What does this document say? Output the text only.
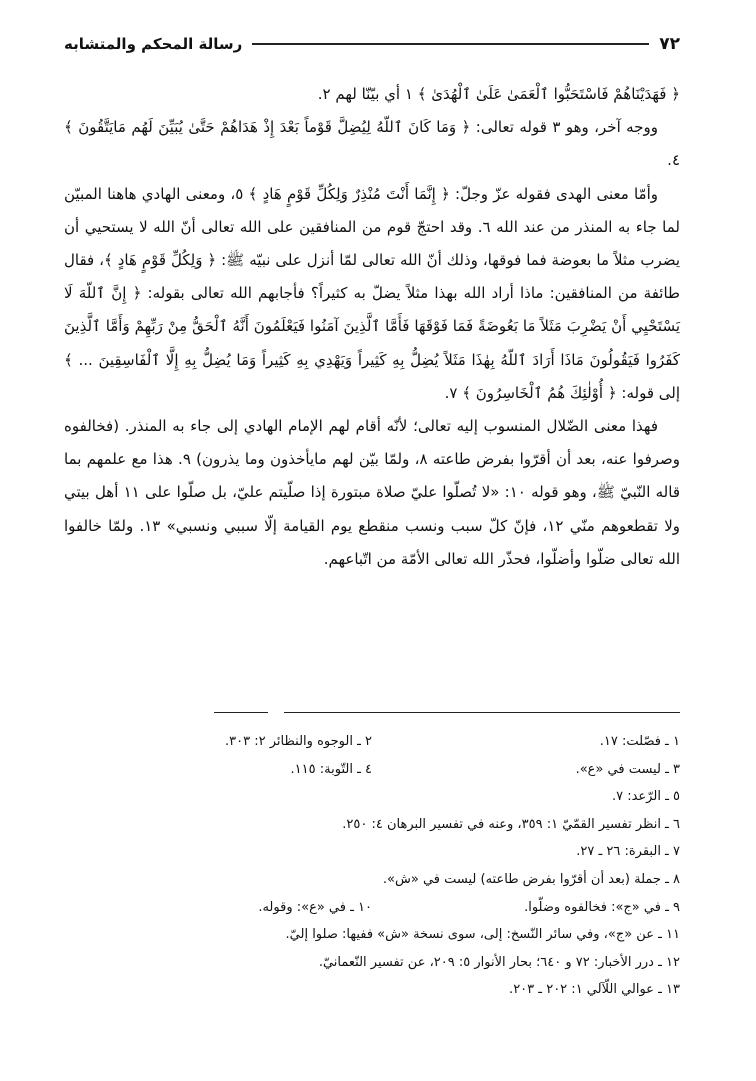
رسالة المحكم والمتشابه	٧٢

﴿ فَهَدَيْنَاهُمْ فَاسْتَحَبُّوا ٱلْعَمَىٰ عَلَىٰ ٱلْهُدَىٰ ﴾ ١ أي بيّنّا لهم ٢.

ووجه آخر، وهو ٣ قوله تعالى: ﴿ وَمَا كَانَ ٱللّهُ لِيُضِلَّ قَوْماً بَعْدَ إِذْ هَدَاهُمْ حَتَّىٰ يُبَيِّنَ لَهُم مَايَتَّقُونَ ﴾ ٤.

وأمّا معنى الهدى فقوله عزّ وجلّ: ﴿ إِنَّمَا أَنْتَ مُنْذِرٌ وَلِكُلِّ قَوْمٍ هَادٍ ﴾ ٥، ومعنى الهادي هاهنا المبيّن لما جاء به المنذر من عند الله ٦. وقد احتجّ قوم من المنافقين على الله تعالى أنّ الله لا يستحيي أن يضرب مثلاً ما بعوضة فما فوقها، وذلك أنّ الله تعالى لمّا أنزل على نبيّه ﷺ: ﴿ وَلِكُلِّ قَوْمٍ هَادٍ ﴾، فقال طائفة من المنافقين: ماذا أراد الله بهذا مثلاً يضلّ به كثيراً؟ فأجابهم الله تعالى بقوله: ﴿ إِنَّ ٱللّهَ لَا يَسْتَحْيِي أَنْ يَضْرِبَ مَثَلاً مَا بَعُوضَةً فَمَا فَوْقَهَا فَأَمَّا ٱلَّذِينَ آمَنُوا فَيَعْلَمُونَ أَنَّهُ ٱلْحَقُّ مِنْ رَبِّهِمْ وَأَمَّا ٱلَّذِينَ كَفَرُوا فَيَقُولُونَ مَاذَا أَرَادَ ٱللّهُ بِهٰذَا مَثَلاً يُضِلُّ بِهِ كَثِيراً وَيَهْدِي بِهِ كَثِيراً وَمَا يُضِلُّ بِهِ إِلَّا ٱلْفَاسِقِينَ ... ﴾ إلى قوله: ﴿ أُوْلٰئِكَ هُمُ ٱلْخَاسِرُونَ ﴾ ٧.

فهذا معنى الضّلال المنسوب إليه تعالى؛ لأنّه أقام لهم الإمام الهادي إلى جاء به المنذر. (فخالفوه وصرفوا عنه، بعد أن أقرّوا بفرض طاعته ٨، ولمّا بيّن لهم مايأخذون وما يذرون) ٩. هذا مع علمهم بما قاله النّبيّ ﷺ، وهو قوله ١٠: «لا تُصلّوا عليّ صلاة مبتورة إذا صلّيتم عليّ، بل صلّوا على ١١ أهل بيتي ولا تقطعوهم منّي ١٢، فإنّ كلّ سبب ونسب منقطع يوم القيامة إلّا سببي ونسبي» ١٣. ولمّا خالفوا الله تعالى ضلّوا وأضلّوا، فحذّر الله تعالى الأمّة من اتّباعهم.

١ ـ فصّلت: ١٧.
٢ ـ الوجوه والنظائر ٢: ٣٠٣.
٣ ـ ليست في «ع».
٤ ـ التّوبة: ١١٥.
٥ ـ الرّعد: ٧.
٦ ـ انظر تفسير القمّيّ ١: ٣٥٩، وعنه في تفسير البرهان ٤: ٢٥٠.
٧ ـ البقرة: ٢٦ ـ ٢٧.
٨ ـ جملة (بعد أن أقرّوا بفرض طاعته) ليست في «ش».
٩ ـ في «ج»: فخالفوه وضلّوا.
١٠ ـ في «ع»: وقوله.
١١ ـ عن «ج»، وفي سائر النّسخ: إلى، سوى نسخة «ش» ففيها: صلوا إليّ.
١٢ ـ درر الأخبار: ٧٢ و ٦٤٠؛ بحار الأنوار ٥: ٢٠٩، عن تفسير النّعمانيّ.
١٣ ـ عوالي اللّآلي ١: ٢٠٢ ـ ٢٠٣.
